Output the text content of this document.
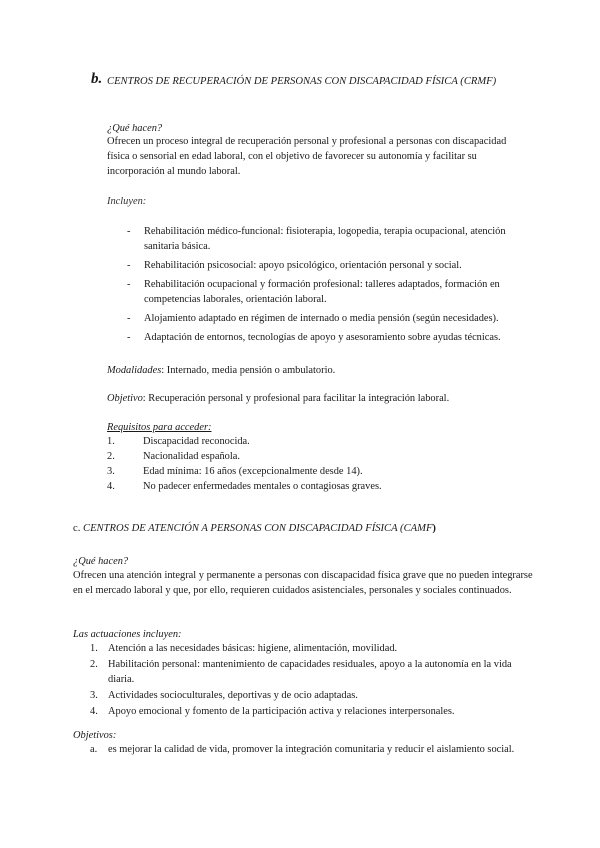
b. CENTROS DE RECUPERACIÓN DE PERSONAS CON DISCAPACIDAD FÍSICA (CRMF)
¿Qué hacen?
Ofrecen un proceso integral de recuperación personal y profesional a personas con discapacidad física o sensorial en edad laboral, con el objetivo de favorecer su autonomía y facilitar su incorporación al mundo laboral.
Incluyen:
- Rehabilitación médico-funcional: fisioterapia, logopedia, terapia ocupacional, atención sanitaria básica.
- Rehabilitación psicosocial: apoyo psicológico, orientación personal y social.
- Rehabilitación ocupacional y formación profesional: talleres adaptados, formación en competencias laborales, orientación laboral.
- Alojamiento adaptado en régimen de internado o media pensión (según necesidades).
- Adaptación de entornos, tecnologías de apoyo y asesoramiento sobre ayudas técnicas.
Modalidades: Internado, media pensión o ambulatorio.
Objetivo: Recuperación personal y profesional para facilitar la integración laboral.
Requisitos para acceder:
1.	Discapacidad reconocida.
2.	Nacionalidad española.
3.	Edad mínima: 16 años (excepcionalmente desde 14).
4.	No padecer enfermedades mentales o contagiosas graves.
c. CENTROS DE ATENCIÓN A PERSONAS CON DISCAPACIDAD FÍSICA (CAMF)
¿Qué hacen?
Ofrecen una atención integral y permanente a personas con discapacidad física grave que no pueden integrarse en el mercado laboral y que, por ello, requieren cuidados asistenciales, personales y sociales continuados.
Las actuaciones incluyen:
1. Atención a las necesidades básicas: higiene, alimentación, movilidad.
2. Habilitación personal: mantenimiento de capacidades residuales, apoyo a la autonomía en la vida diaria.
3. Actividades socioculturales, deportivas y de ocio adaptadas.
4. Apoyo emocional y fomento de la participación activa y relaciones interpersonales.
Objetivos:
a. es mejorar la calidad de vida, promover la integración comunitaria y reducir el aislamiento social.
